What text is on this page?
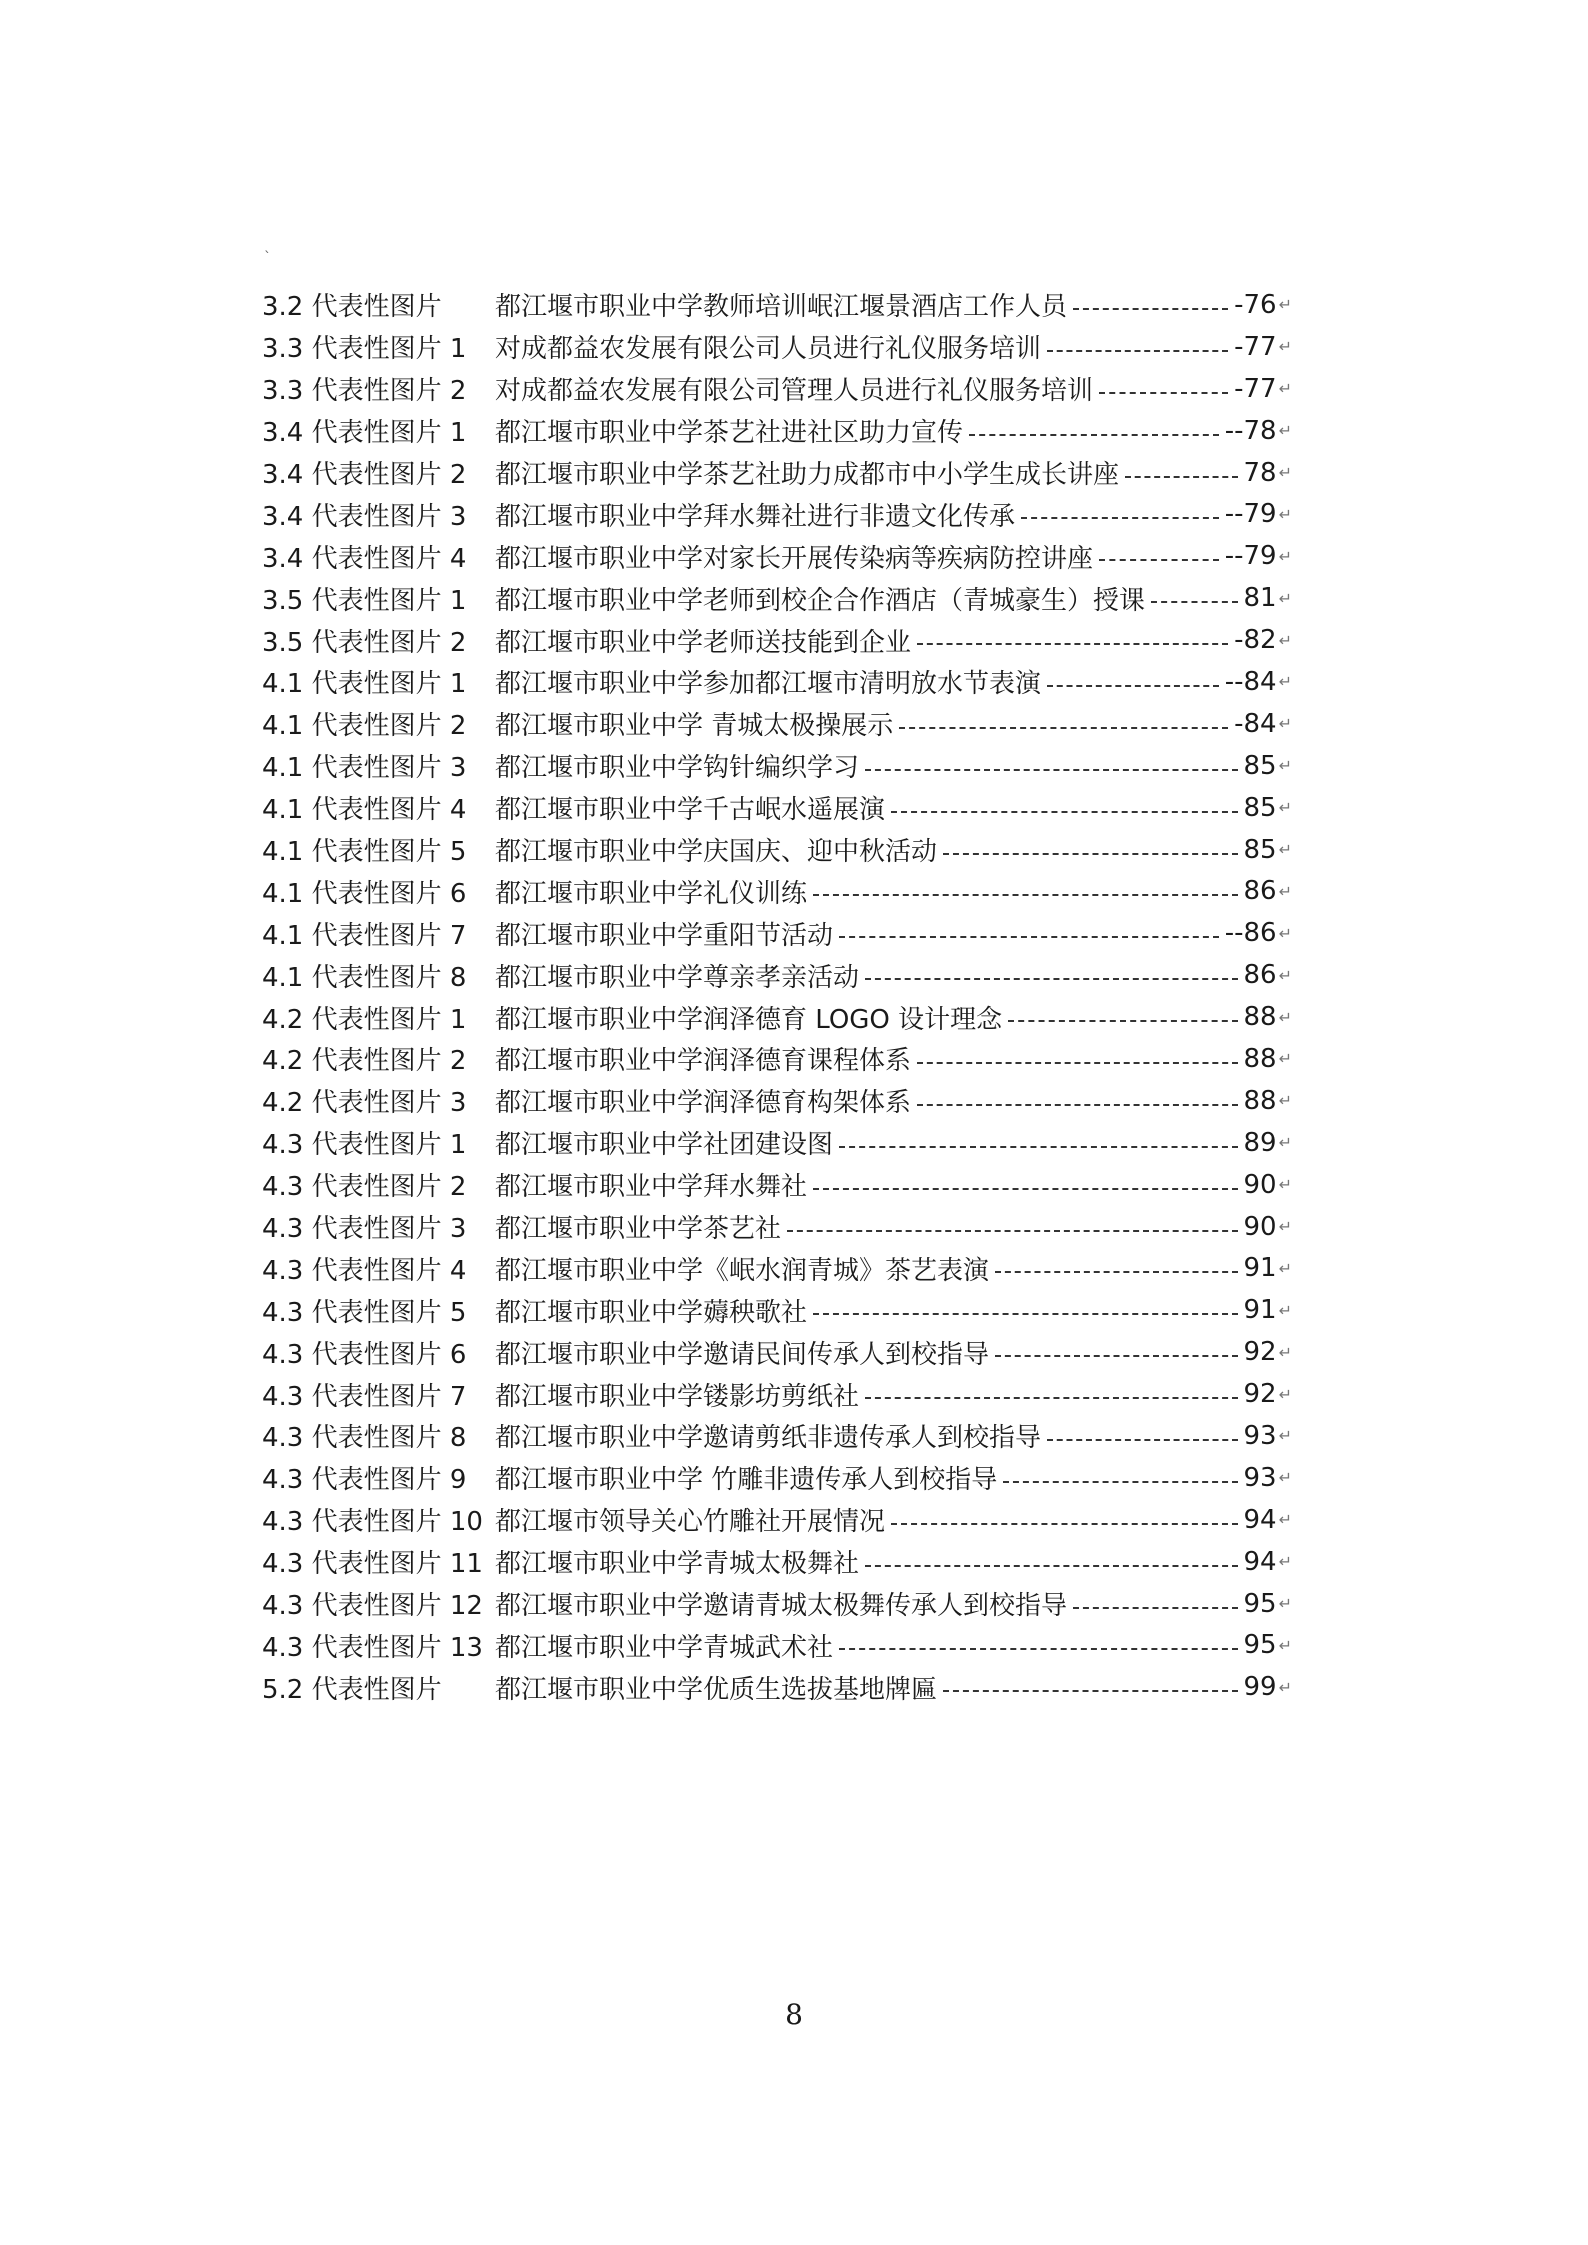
`
3.2 代表性图片	都江堰市职业中学教师培训岷江堰景酒店工作人员	-76 ↵
3.3 代表性图片 1	对成都益农发展有限公司人员进行礼仪服务培训	-77 ↵
3.3 代表性图片 2	对成都益农发展有限公司管理人员进行礼仪服务培训	-77 ↵
3.4 代表性图片 1	都江堰市职业中学茶艺社进社区助力宣传	--78 ↵
3.4 代表性图片 2	都江堰市职业中学茶艺社助力成都市中小学生成长讲座	78 ↵
3.4 代表性图片 3	都江堰市职业中学拜水舞社进行非遗文化传承	--79 ↵
3.4 代表性图片 4	都江堰市职业中学对家长开展传染病等疾病防控讲座	--79 ↵
3.5 代表性图片 1	都江堰市职业中学老师到校企合作酒店（青城豪生）授课	81 ↵
3.5 代表性图片 2	都江堰市职业中学老师送技能到企业	-82 ↵
4.1 代表性图片 1	都江堰市职业中学参加都江堰市清明放水节表演	--84 ↵
4.1 代表性图片 2	都江堰市职业中学 青城太极操展示	-84 ↵
4.1 代表性图片 3	都江堰市职业中学钩针编织学习	85 ↵
4.1 代表性图片 4	都江堰市职业中学千古岷水遥展演	85 ↵
4.1 代表性图片 5	都江堰市职业中学庆国庆、迎中秋活动	85 ↵
4.1 代表性图片 6	都江堰市职业中学礼仪训练	86 ↵
4.1 代表性图片 7	都江堰市职业中学重阳节活动	--86 ↵
4.1 代表性图片 8	都江堰市职业中学尊亲孝亲活动	86 ↵
4.2 代表性图片 1	都江堰市职业中学润泽德育 LOGO 设计理念	88 ↵
4.2 代表性图片 2	都江堰市职业中学润泽德育课程体系	88 ↵
4.2 代表性图片 3	都江堰市职业中学润泽德育构架体系	88 ↵
4.3 代表性图片 1	都江堰市职业中学社团建设图	89 ↵
4.3 代表性图片 2	都江堰市职业中学拜水舞社	90 ↵
4.3 代表性图片 3	都江堰市职业中学茶艺社	90 ↵
4.3 代表性图片 4	都江堰市职业中学《岷水润青城》茶艺表演	91 ↵
4.3 代表性图片 5	都江堰市职业中学薅秧歌社	91 ↵
4.3 代表性图片 6	都江堰市职业中学邀请民间传承人到校指导	92 ↵
4.3 代表性图片 7	都江堰市职业中学镂影坊剪纸社	92 ↵
4.3 代表性图片 8	都江堰市职业中学邀请剪纸非遗传承人到校指导	93 ↵
4.3 代表性图片 9	都江堰市职业中学 竹雕非遗传承人到校指导	93 ↵
4.3 代表性图片 10 都江堰市领导关心竹雕社开展情况	94 ↵
4.3 代表性图片 11 都江堰市职业中学青城太极舞社	94 ↵
4.3 代表性图片 12 都江堰市职业中学邀请青城太极舞传承人到校指导	95 ↵
4.3 代表性图片 13 都江堰市职业中学青城武术社	95 ↵
5.2 代表性图片	都江堰市职业中学优质生选拔基地牌匾	99 ↵
8
